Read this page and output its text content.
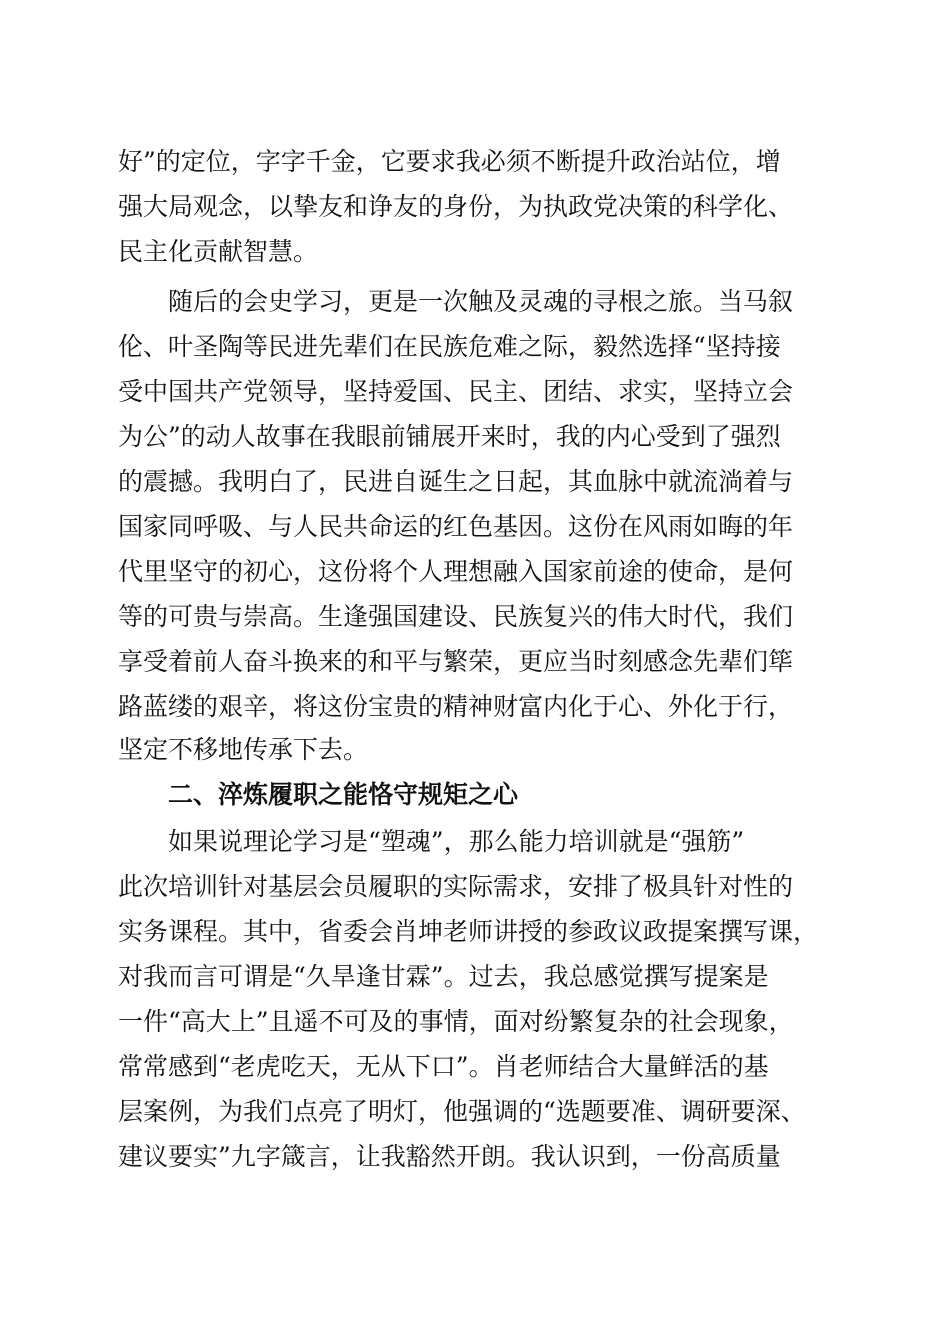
好”的定位，字字千金，它要求我必须不断提升政治站位，增
强大局观念，以挚友和诤友的身份，为执政党决策的科学化、
民主化贡献智慧。
　　随后的会史学习，更是一次触及灵魂的寻根之旅。当马叙
伦、叶圣陶等民进先辈们在民族危难之际，毅然选择“坚持接
受中国共产党领导，坚持爱国、民主、团结、求实，坚持立会
为公”的动人故事在我眼前铺展开来时，我的内心受到了强烈
的震撼。我明白了，民进自诞生之日起，其血脉中就流淌着与
国家同呼吸、与人民共命运的红色基因。这份在风雨如晦的年
代里坚守的初心，这份将个人理想融入国家前途的使命，是何
等的可贵与崇高。生逢强国建设、民族复兴的伟大时代，我们
享受着前人奋斗换来的和平与繁荣，更应当时刻感念先辈们筚
路蓝缕的艰辛，将这份宝贵的精神财富内化于心、外化于行，
坚定不移地传承下去。
　　二、淬炼履职之能恪守规矩之心
　　如果说理论学习是“塑魂”，那么能力培训就是“强筋”
此次培训针对基层会员履职的实际需求，安排了极具针对性的
实务课程。其中，省委会肖坤老师讲授的参政议政提案撰写课，
对我而言可谓是“久旱逢甘霖”。过去，我总感觉撰写提案是
一件“高大上”且遥不可及的事情，面对纷繁复杂的社会现象，
常常感到“老虎吃天，无从下口”。肖老师结合大量鲜活的基
层案例，为我们点亮了明灯，他强调的“选题要准、调研要深、
建议要实”九字箴言，让我豁然开朗。我认识到，一份高质量
